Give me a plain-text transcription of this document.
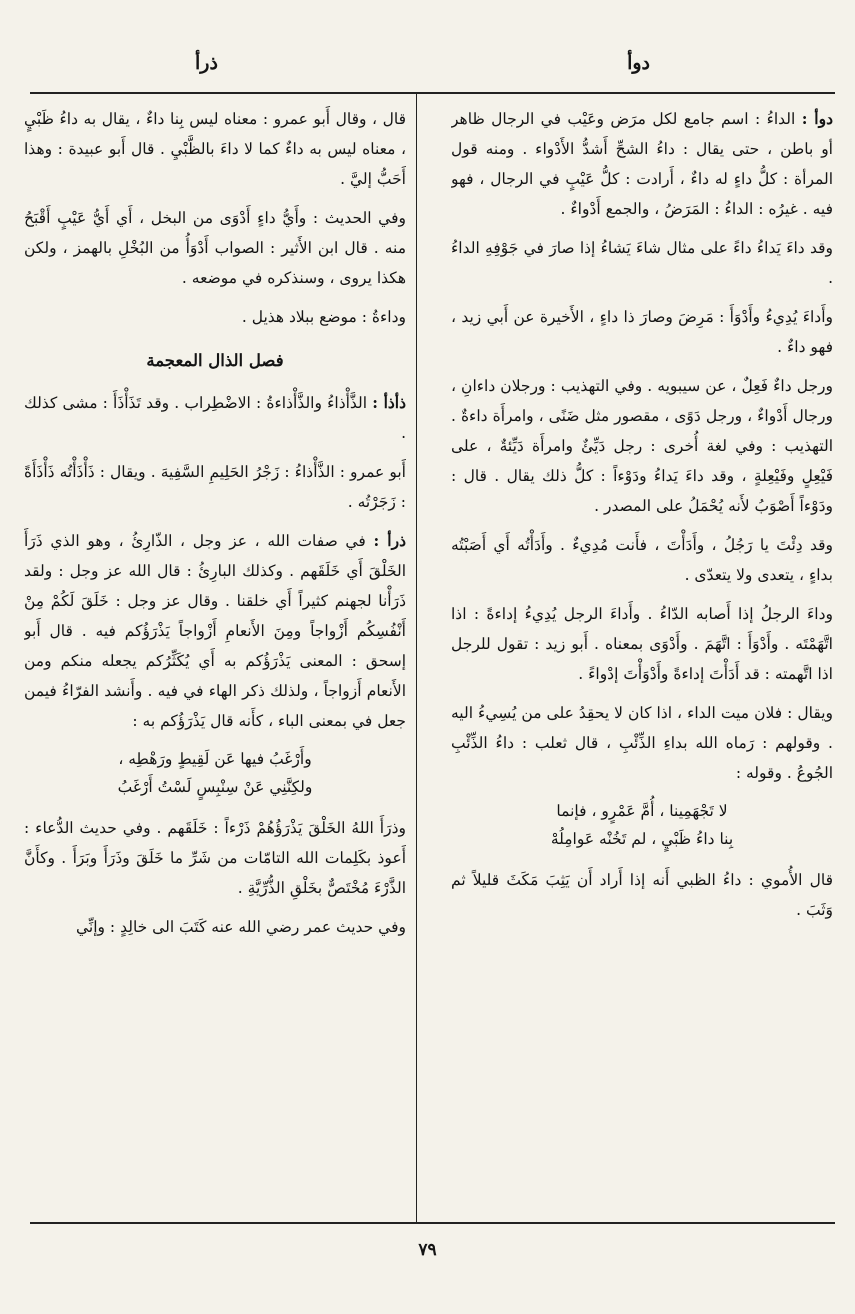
دوأ
ذرأ
دوأ : الداءُ : اسم جامع لكل مرَض وعَيْب في الرجال ظاهر أو باطن ، حتى يقال : داءُ الشحِّ أَشدُّ الأَدْواء . ومنه قول المرأة : كلُّ داءٍ له داءٌ ، أَرادت : كلُّ عَيْبٍ في الرجال ، فهو فيه . غيرُه : الداءُ : المَرَضُ ، والجمع أَدْواءٌ .
وقد داءَ يَداءُ داءً على مثال شاءَ يَشاءُ إذا صارَ في جَوْفِهِ الداءُ .
وأَداءَ يُدِيءُ وأَدْوَأَ : مَرِضَ وصارَ ذا داءٍ ، الأَخيرة عن أَبي زيد ، فهو داءٌ .
ورجل داءٌ فَعِلٌ ، عن سيبويه . وفي التهذيب : ورجلان داءانِ ، ورجال أَدْواءٌ ، ورجل دَوًى ، مقصور مثل ضَنًى ، وامرأَة داءةٌ . التهذيب : وفي لغة أُخرى : رجل دَيِّئٌ وامرأَة دَيِّئةٌ ، على فَيْعِلٍ وفَيْعِلةٍ ، وقد داءَ يَداءُ ودَوْءاً : كلُّ ذلك يقال . قال : ودَوْءاً أَصْوَبُ لأَنه يُحْمَلُ على المصدر .
وقد دِئْتَ يا رَجُلُ ، وأَدَأْتَ ، فأَنت مُدِيءٌ . وأَدَأْتُه أَي أَصَبْتُه بداءٍ ، يتعدى ولا يتعدّى .
وداءَ الرجلُ إذا أَصابه الدّاءُ . وأَداءَ الرجل يُدِيءُ إداءةً : اذا اتَّهَمْتَه . وأَدْوَأَ : اتَّهَمَ . وأَدْوَى بمعناه . أَبو زيد : تقول للرجل اذا اتَّهمته : قد أَدَأْتَ إداءةً وأَدْوَأْتَ إدْواءً .
ويقال : فلان ميت الداء ، اذا كان لا يحقِدُ على من يُسِيءُ اليه . وقولهم : رَماه الله بداءِ الذِّئْبِ ، قال ثعلب : داءُ الذِّئْبِ الجُوعُ . وقوله :
لا تَجْهَمِينا ، أُمَّ عَمْرٍو ، فإنما
بِنا داءُ ظَبْيٍ ، لم تَخُنْه عَوامِلُهْ
قال الأُموي : داءُ الظبي أَنه إذا أَراد أَن يَثِبَ مَكَثَ قليلاً ثم وَثَبَ .
قال ، وقال أَبو عمرو : معناه ليس بِنا داءٌ ، يقال به داءُ ظَبْيٍ ، معناه ليس به داءٌ كما لا داءَ بالظَّبْيِ . قال أَبو عبيدة : وهذا أَحَبُّ إليَّ .
وفي الحديث : وأَيُّ داءٍ أَدْوَى من البخل ، أَي أَيُّ عَيْبٍ أَقْبَحُ منه . قال ابن الأَثير : الصواب أَدْوَأُ من البُخْلِ بالهمز ، ولكن هكذا يروى ، وسنذكره في موضعه .
وداءةُ : موضع ببلاد هذيل .
فصل الذال المعجمة
ذأذأ : الذَّأْذاءُ والذَّأْذاءةُ : الاضْطِراب . وقد تَذَأْذَأَ : مشى كذلك .
أَبو عمرو : الذَّأْذاءُ : زَجْرُ الحَلِيمِ السَّفِيهَ . ويقال : ذَأْذَأْتُه ذَأْذَأَةً : زَجَرْتُه .
ذرأ : في صفات الله ، عز وجل ، الذّارِئُ ، وهو الذي ذَرَأَ الخَلْقَ أَي خَلَقَهم . وكذلك البارِئُ : قال الله عز وجل : ولقد ذَرَأْنا لجهنم كثيراً أَي خلقنا . وقال عز وجل : خَلَقَ لَكُمْ مِنْ أَنْفُسِكُم أَزْواجاً ومِنَ الأَنعامِ أَزْواجاً يَذْرَؤُكم فيه . قال أَبو إسحق : المعنى يَذْرَؤُكم به أَي يُكَثِّرُكم يجعله منكم ومن الأَنعام أَزواجاً ، ولذلك ذكر الهاء في فيه . وأَنشد الفرّاءُ فيمن جعل في بمعنى الباء ، كأَنه قال يَذْرَؤُكم به :
وأَرْغَبُ فيها عَن لَقِيطٍ ورَهْطِه ،
ولكِنَّنِي عَنْ سِنْبِسٍ لَسْتُ أَرْغَبُ
وذرَأَ اللهُ الخَلْقَ يَذْرَؤُهُمْ ذَرْءاً : خَلَقَهم . وفي حديث الدُّعاء : أَعوذ بكَلِمات الله التامّات من شَرِّ ما خَلَقَ وذَرَأَ وبَرَأَ . وكأَنَّ الذَّرْءَ مُخْتَصٌّ بخَلْقِ الذُّرِّيَّةِ .
وفي حديث عمر رضي الله عنه كَتَبَ الى خالِدٍ : وإنِّي
٧٩
